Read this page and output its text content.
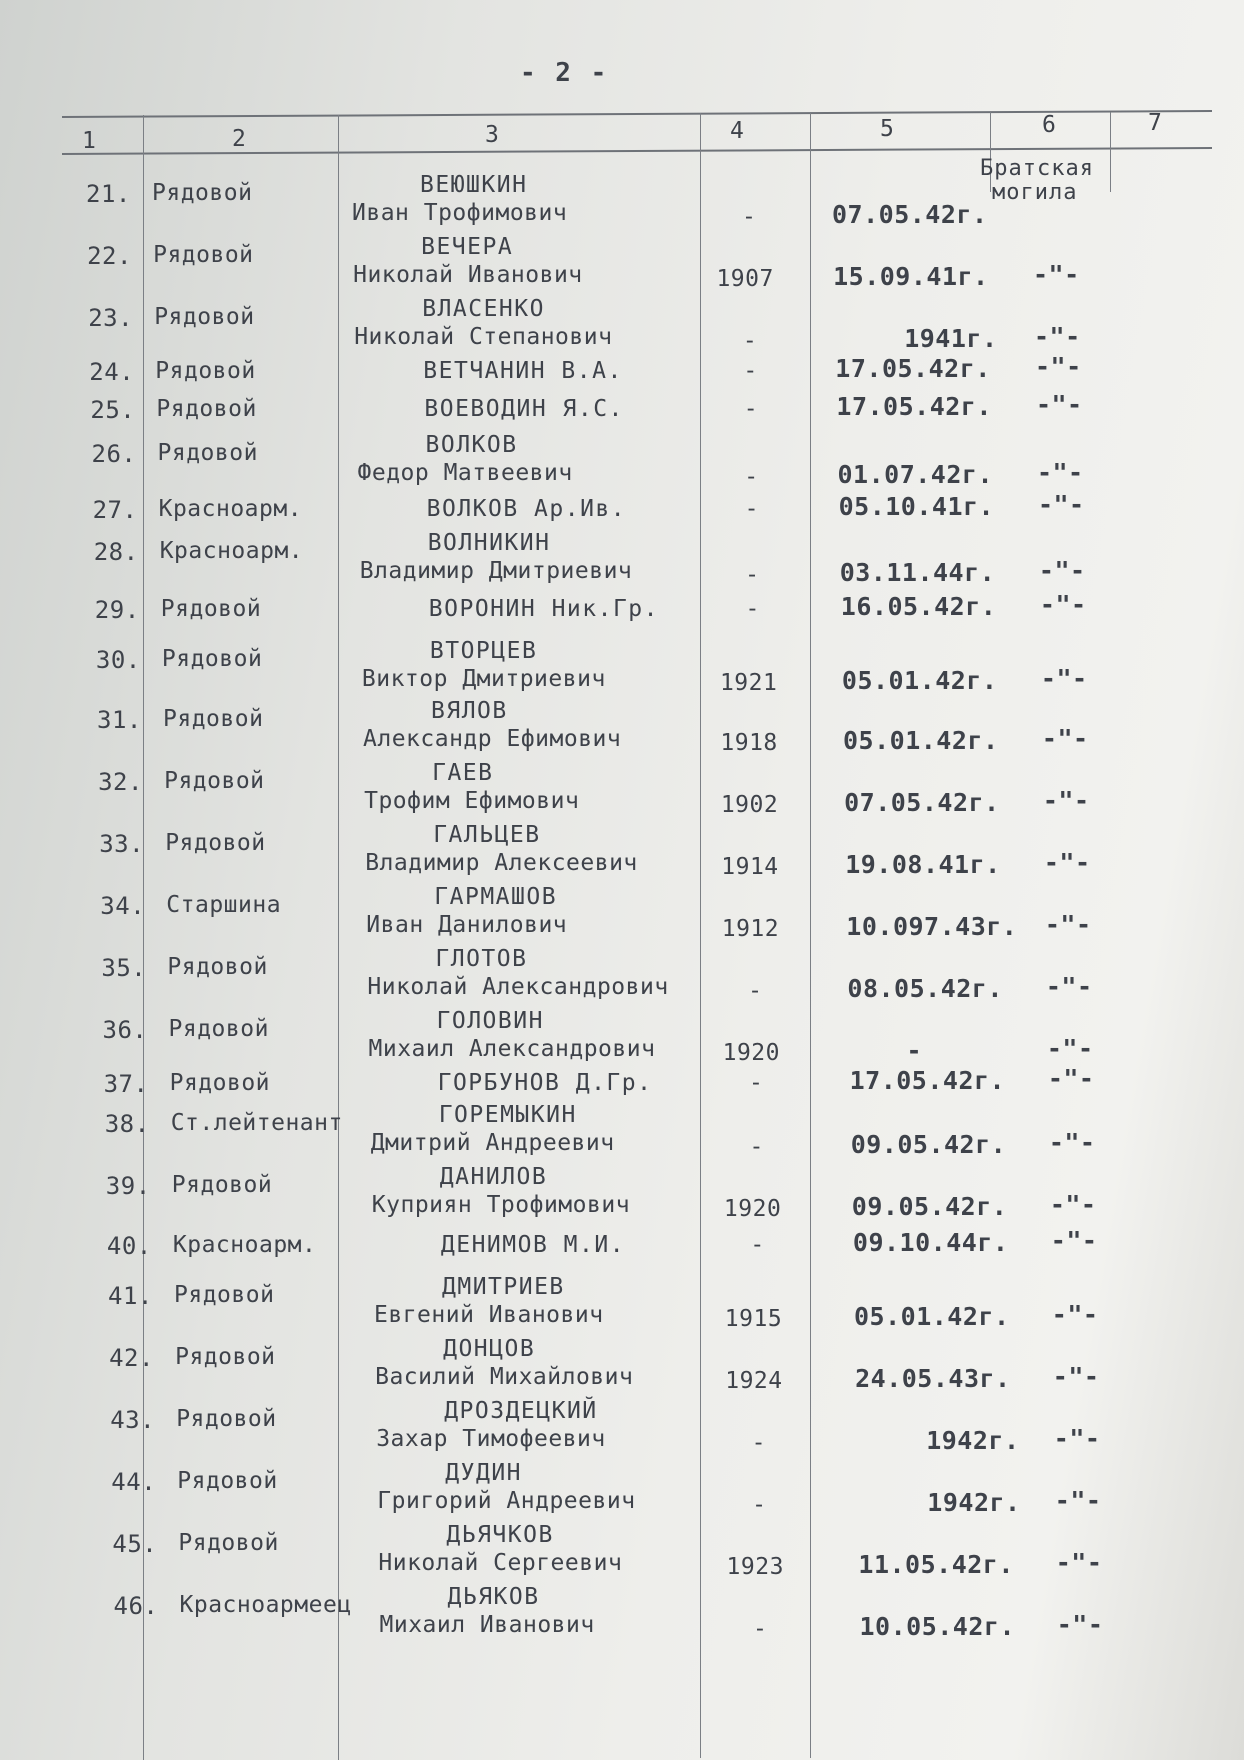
- 2 -
1	2	3	4	5	6	7
Братская
могила
21. Рядовой	ВЕЮШКИН
Иван Трофимович	-	07.05.42г.
22. Рядовой	ВЕЧЕРА
Николай Иванович	1907 15.09.41г. -"-
23. Рядовой	ВЛАСЕНКО
Николай Степанович	-	1941г. -"-
24. Рядовой	ВЕТЧАНИН В.А.	-	17.05.42г. -"-
25. Рядовой	ВОЕВОДИН Я.С.	-	17.05.42г. -"-
26. Рядовой	ВОЛКОВ
Федор Матвеевич	-	01.07.42г. -"-
27. Красноарм.	ВОЛКОВ Ар.Ив.	-	05.10.41г. -"-
28. Красноарм.	ВОЛНИКИН
Владимир Дмитриевич	-	03.11.44г. -"-
29. Рядовой	ВОРОНИН Ник.Гр.	-	16.05.42г. -"-
30. Рядовой	ВТОРЦЕВ
Виктор Дмитриевич	1921	05.01.42г. -"-
31. Рядовой	ВЯЛОВ
Александр Ефимович	1918	05.01.42г. -"-
32. Рядовой	ГАЕВ
Трофим Ефимович	1902	07.05.42г. -"-
33. Рядовой	ГАЛЬЦЕВ
Владимир Алексеевич	1914	19.08.41г. -"-
34. Старшина	ГАРМАШОВ
Иван Данилович	1912	10.097.43г. -"-
35. Рядовой	ГЛОТОВ
Николай Александрович	-	08.05.42г. -"-
36. Рядовой	ГОЛОВИН
Михаил Александрович	1920	-	-"-
37. Рядовой	ГОРБУНОВ Д.Гр.	-	17.05.42г. -"-
38. Ст.лейтенант	ГОРЕМЫКИН
Дмитрий Андреевич	-	09.05.42г. -"-
39. Рядовой	ДАНИЛОВ
Куприян Трофимович	1920	09.05.42г. -"-
40. Красноарм.	ДЕНИМОВ М.И.	-	09.10.44г. -"-
41. Рядовой	ДМИТРИЕВ
Евгений Иванович	1915	05.01.42г. -"-
42. Рядовой	ДОНЦОВ
Василий Михайлович	1924	24.05.43г. -"-
43. Рядовой	ДРОЗДЕЦКИЙ
Захар Тимофеевич	-	1942г. -"-
44. Рядовой	ДУДИН
Григорий Андреевич	-	1942г. -"-
45. Рядовой	ДЬЯЧКОВ
Николай Сергеевич	1923	11.05.42г. -"-
46. Красноармеец	ДЬЯКОВ
Михаил Иванович	-	10.05.42г. -"-
